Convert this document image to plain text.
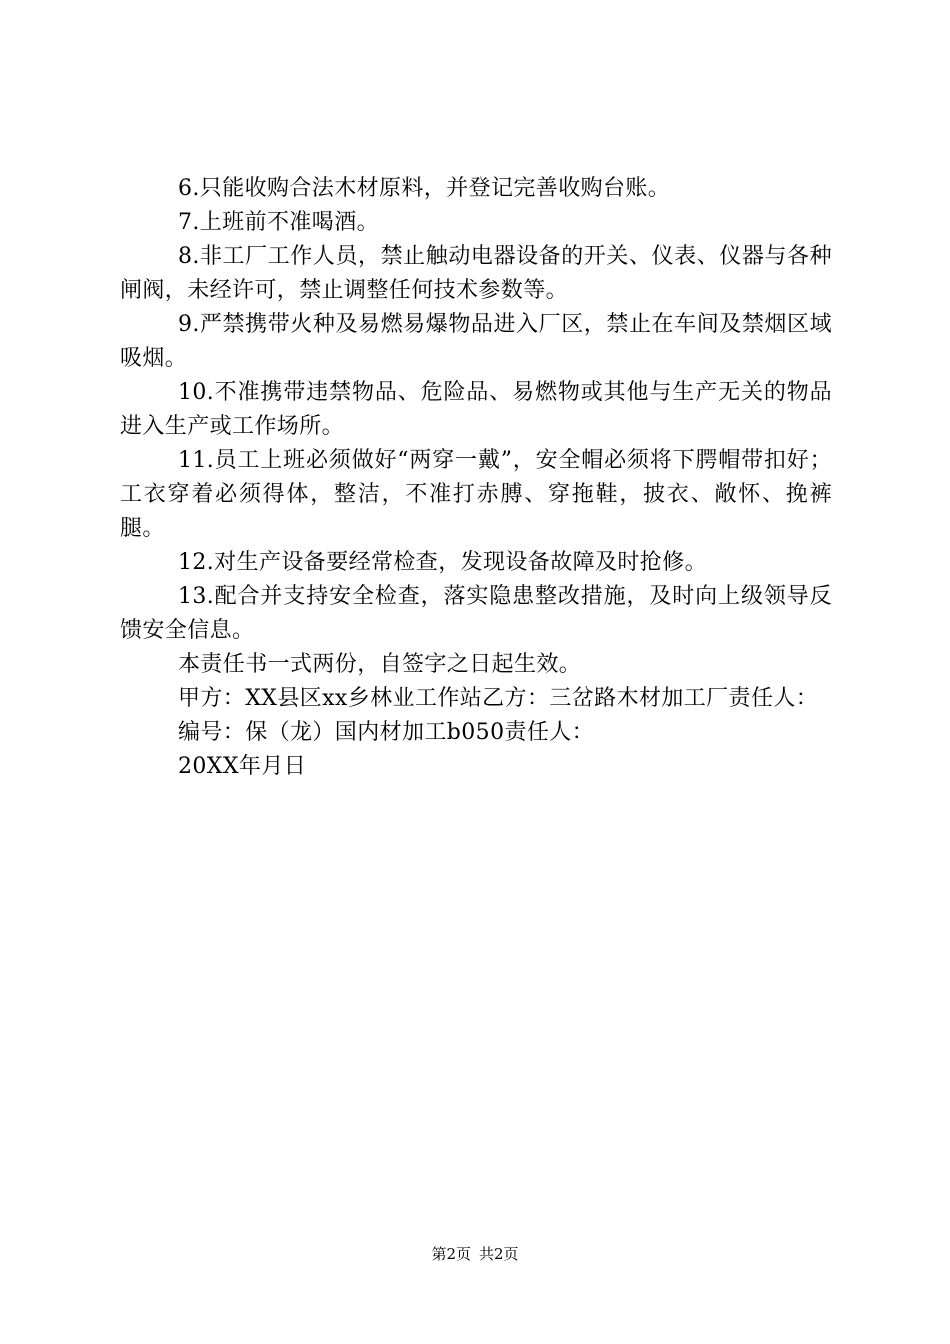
6.只能收购合法木材原料，并登记完善收购台账。

7.上班前不准喝酒。

8.非工厂工作人员，禁止触动电器设备的开关、仪表、仪器与各种闸阀，未经许可，禁止调整任何技术参数等。

9.严禁携带火种及易燃易爆物品进入厂区，禁止在车间及禁烟区域吸烟。

10.不准携带违禁物品、危险品、易燃物或其他与生产无关的物品进入生产或工作场所。

11.员工上班必须做好“两穿一戴”，安全帽必须将下腭帽带扣好；工衣穿着必须得体，整洁，不准打赤膊、穿拖鞋，披衣、敞怀、挽裤腿。

12.对生产设备要经常检查，发现设备故障及时抢修。

13.配合并支持安全检查，落实隐患整改措施，及时向上级领导反馈安全信息。

本责任书一式两份，自签字之日起生效。

甲方：XX县区xx乡林业工作站乙方：三岔路木材加工厂责任人：

编号：保（龙）国内材加工b050责任人：

20XX年月日

第2页 共2页
